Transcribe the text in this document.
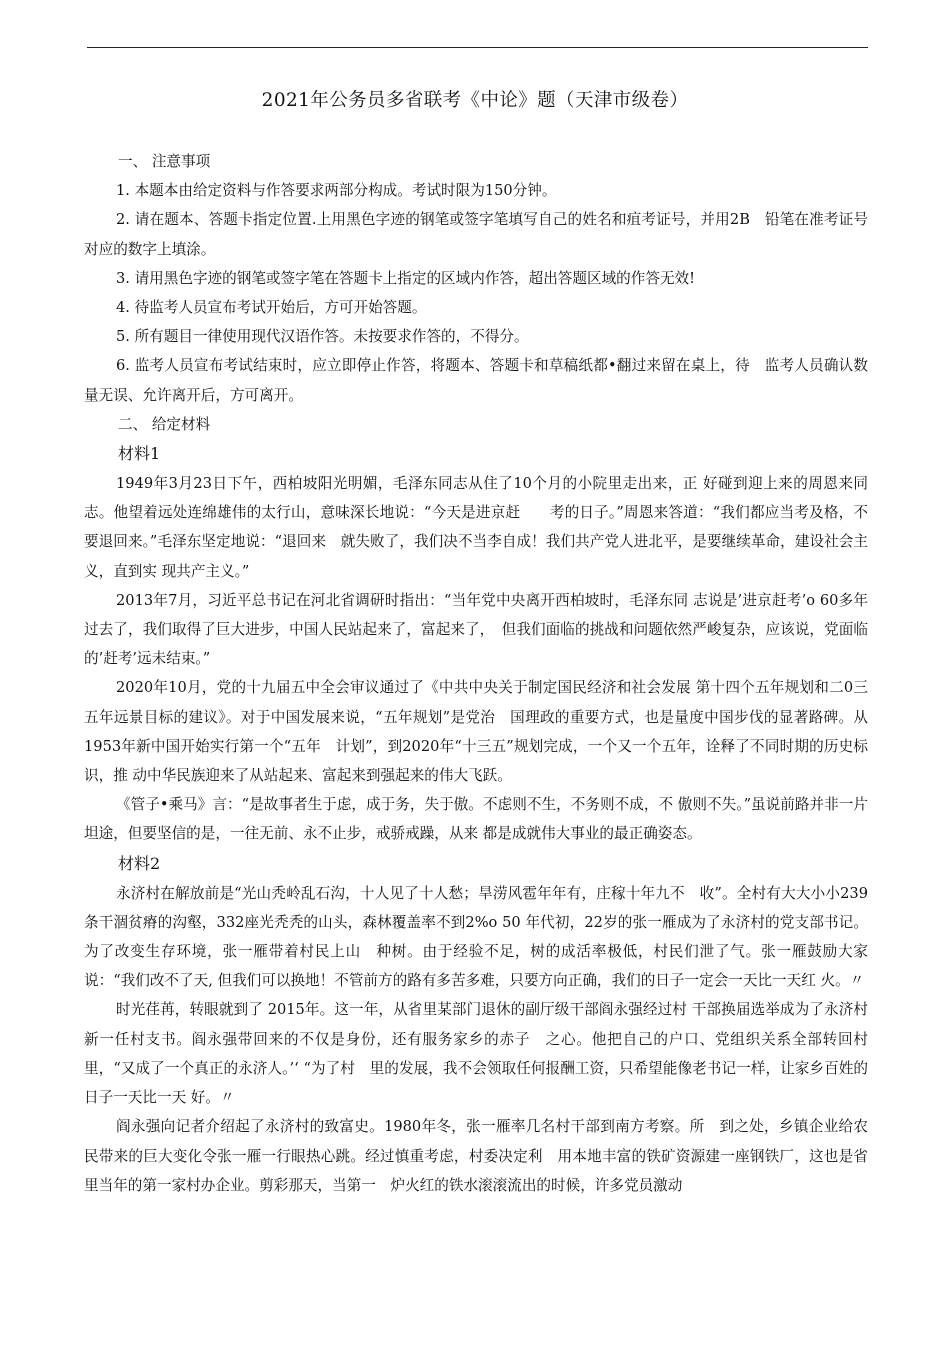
2021年公务员多省联考《中论》题（天津市级卷）

一、 注意事项

1. 本题本由给定资料与作答要求两部分构成。考试时限为150分钟。

2. 请在题本、答题卡指定位置.上用黑色字迹的钢笔或签字笔填写自己的姓名和疽考证号，并用2B　铅笔在准考证号对应的数字上填涂。

3. 请用黑色字迹的钢笔或签字笔在答题卡上指定的区域内作答，超出答题区域的作答无效!

4. 待监考人员宣布考试开始后，方可开始答题。

5. 所有题目一律使用现代汉语作答。未按要求作答的，不得分。

6. 监考人员宣布考试结束时，应立即停止作答，将题本、答题卡和草稿纸都•翻过来留在桌上，待　监考人员确认数量无误、允许离开后，方可离开。

二、 给定材料

材料1

1949年3月23日下午，西柏坡阳光明媚，毛泽东同志从住了10个月的小院里走出来，正 好碰到迎上来的周恩来同志。他望着远处连绵雄伟的太行山，意味深长地说：“今天是进京赶　　考的日子。”周恩来答道：“我们都应当考及格，不要退回来。”毛泽东坚定地说：“退回来　就失败了，我们决不当李自成！我们共产党人进北平，是要继续革命，建设社会主义，直到实 现共产主义。”

2013年7月，习近平总书记在河北省调研时指出：“当年党中央离开西柏坡时，毛泽东同 志说是’进京赶考’o 60多年过去了，我们取得了巨大进步，中国人民站起来了，富起来了，　但我们面临的挑战和问题依然严峻复杂，应该说，党面临的’赶考’远未结束。”

2020年10月，党的十九届五中全会审议通过了《中共中央关于制定国民经济和社会发展 第十四个五年规划和二0三五年远景目标的建议》。对于中国发展来说，“五年规划”是党治　国理政的重要方式，也是量度中国步伐的显著路碑。从1953年新中国开始实行第一个“五年　计划”，到2020年“十三五”规划完成，一个又一个五年，诠释了不同时期的历史标识，推 动中华民族迎来了从站起来、富起来到强起来的伟大飞跃。

《管子•乘马》言：“是故事者生于虑，成于务，失于傲。不虑则不生，不务则不成，不 傲则不失。”虽说前路并非一片坦途，但要坚信的是，一往无前、永不止步，戒骄戒躁，从来 都是成就伟大事业的最正确姿态。

材料2

永济村在解放前是“光山秃岭乱石沟，十人见了十人愁；旱涝风雹年年有，庄稼十年九不　收”。全村有大大小小239条干涸贫瘠的沟壑，332座光秃秃的山头，森林覆盖率不到2%o 50 年代初，22岁的张一雁成为了永济村的党支部书记。为了改变生存环境，张一雁带着村民上山　种树。由于经验不足，树的成活率极低，村民们泄了气。张一雁鼓励大家说：“我们改不了天, 但我们可以换地！不管前方的路有多苦多难，只要方向正确，我们的日子一定会一天比一天红 火。〃

时光荏苒，转眼就到了 2015年。这一年，从省里某部门退休的副厅级干部阎永强经过村 干部换届选举成为了永济村新一任村支书。阎永强带回来的不仅是身份，还有服务家乡的赤子　之心。他把自己的户口、党组织关系全部转回村里，“又成了一个真正的永济人。’‘ “为了村　里的发展，我不会领取任何报酬工资，只希望能像老书记一样，让家乡百姓的日子一天比一天 好。〃

阎永强向记者介绍起了永济村的致富史。1980年冬，张一雁率几名村干部到南方考察。所　到之处，乡镇企业给农民带来的巨大变化令张一雁一行眼热心跳。经过慎重考虑，村委决定利　用本地丰富的铁矿资源建一座钢铁厂，这也是省里当年的第一家村办企业。剪彩那天，当第一　炉火红的铁水滚滚流出的时候，许多党员激动
